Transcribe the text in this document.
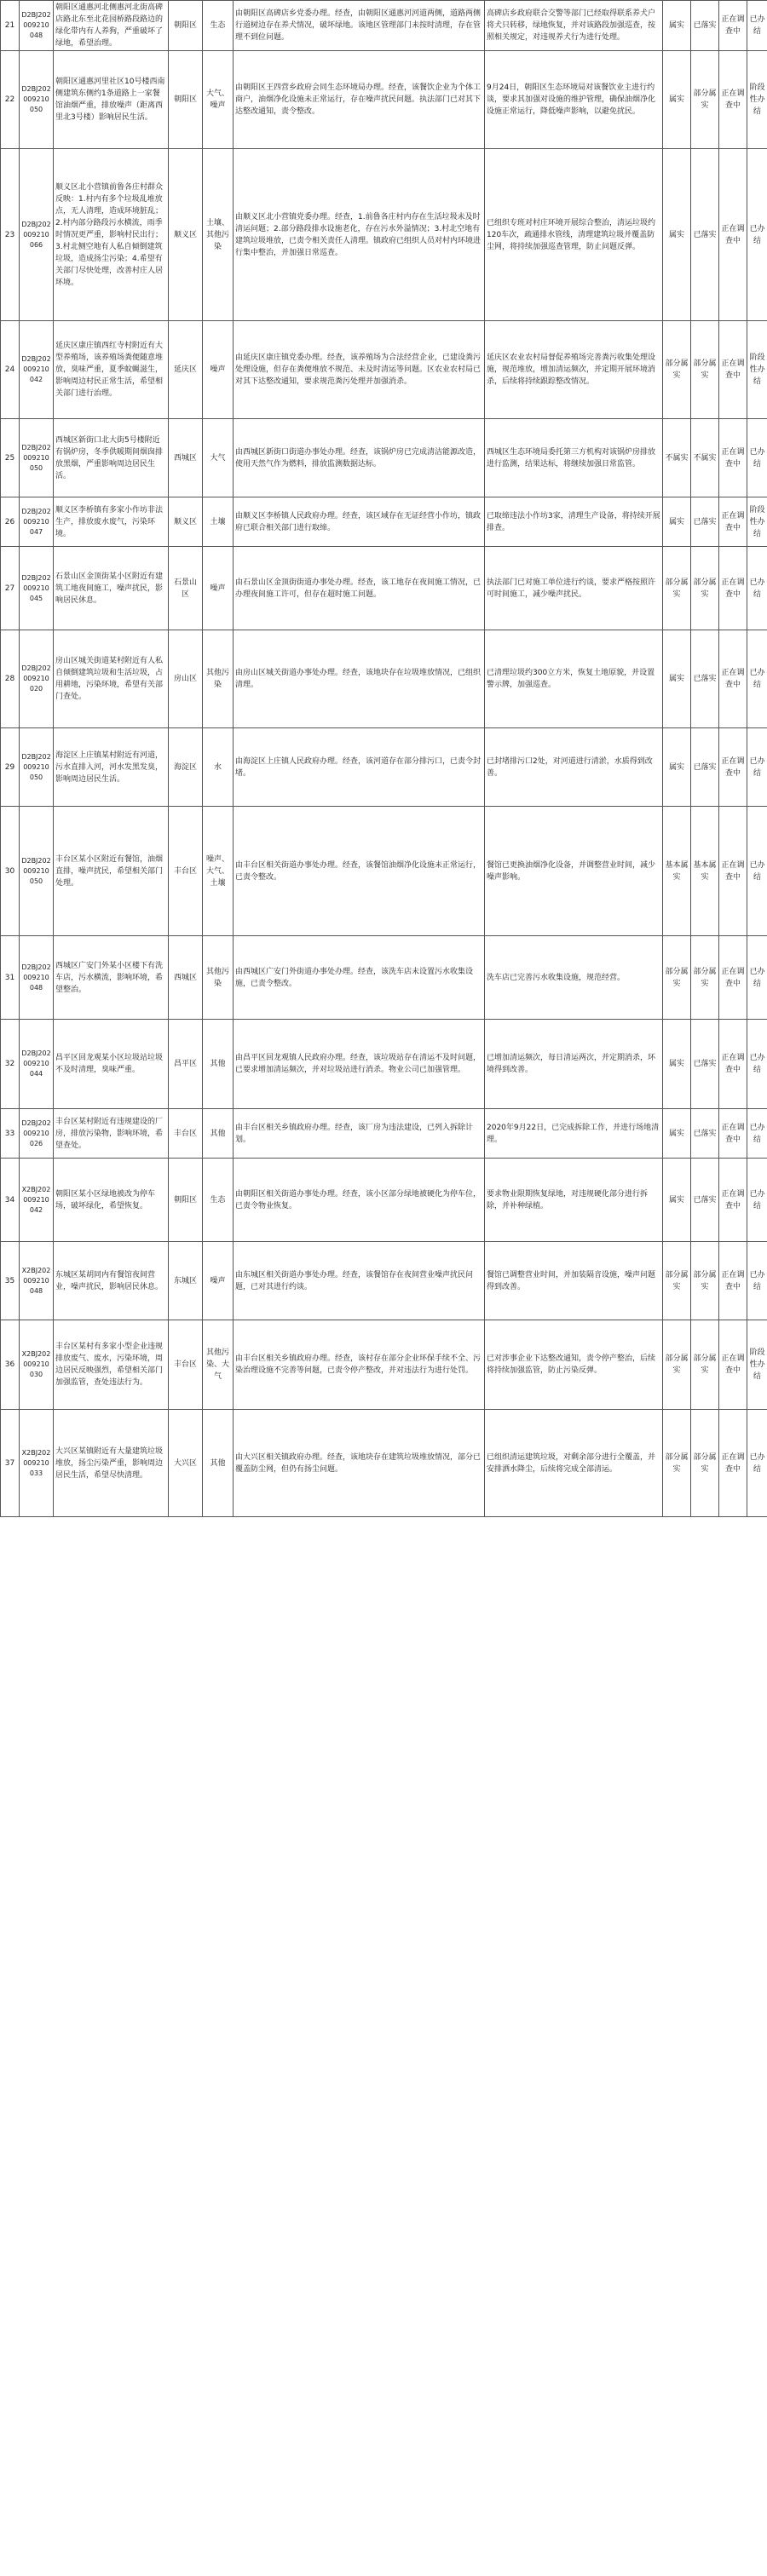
21	D2BJ202009210048	朝阳区通惠河北侧惠河北街高碑店路北东至北花园桥路段路边的绿化带内有人养狗，严重破坏了绿地，希望治理。	朝阳区	生态	由朝阳区高碑店乡党委办理。经查，由朝阳区通惠河河道两侧，道路两侧行道树边存在养犬情况，破坏绿地。该地区管理部门未按时清理，存在管理不到位问题。	高碑店乡政府联合交警等部门已经取得联系养犬户将犬只转移，绿地恢复，并对该路段加强巡查，按照相关规定，对违规养犬行为进行处理。	属实	已落实	正在调查中	已办结
22	D2BJ202009210050	朝阳区通惠河里社区10号楼西南侧建筑东侧约1条道路上一家餐馆油烟严重，排放噪声（距离西里北3号楼）影响居民生活。	朝阳区	大气、噪声	由朝阳区王四营乡政府会同生态环境局办理。经查，该餐饮企业为个体工商户，油烟净化设施未正常运行，存在噪声扰民问题。执法部门已对其下达整改通知，责令整改。	9月24日，朝阳区生态环境局对该餐饮业主进行约谈，要求其加强对设施的维护管理，确保油烟净化设施正常运行，降低噪声影响，以避免扰民。	属实	部分属实	正在调查中	阶段性办结
23	D2BJ202009210066	顺义区北小营镇前鲁各庄村群众反映：1.村内有多个垃圾乱堆放点，无人清理，造成环境脏乱；2.村内部分路段污水横流，雨季时情况更严重，影响村民出行；3.村北侧空地有人私自倾倒建筑垃圾，造成扬尘污染；4.希望有关部门尽快处理，改善村庄人居环境。	顺义区	土壤、其他污染	由顺义区北小营镇党委办理。经查，1.前鲁各庄村内存在生活垃圾未及时清运问题；2.部分路段排水设施老化，存在污水外溢情况；3.村北空地有建筑垃圾堆放，已责令相关责任人清理。镇政府已组织人员对村内环境进行集中整治，并加强日常巡查。	已组织专班对村庄环境开展综合整治，清运垃圾约120车次，疏通排水管线，清理建筑垃圾并覆盖防尘网，将持续加强巡查管理，防止问题反弹。	属实	已落实	正在调查中	已办结
24	D2BJ202009210042	延庆区康庄镇西红寺村附近有大型养殖场，该养殖场粪便随意堆放，臭味严重，夏季蚊蝇滋生，影响周边村民正常生活，希望相关部门进行治理。	延庆区	噪声	由延庆区康庄镇党委办理。经查，该养殖场为合法经营企业，已建设粪污处理设施，但存在粪便堆放不规范、未及时清运等问题。区农业农村局已对其下达整改通知，要求规范粪污处理并加强消杀。	延庆区农业农村局督促养殖场完善粪污收集处理设施，规范堆放，增加清运频次，并定期开展环境消杀，后续将持续跟踪整改情况。	部分属实	部分属实	正在调查中	阶段性办结
25	D2BJ202009210050	西城区新街口北大街5号楼附近有锅炉房，冬季供暖期间烟囱排放黑烟，严重影响周边居民生活。	西城区	大气	由西城区新街口街道办事处办理。经查，该锅炉房已完成清洁能源改造，使用天然气作为燃料，排放监测数据达标。	西城区生态环境局委托第三方机构对该锅炉房排放进行监测，结果达标，将继续加强日常监管。	不属实	不属实	正在调查中	已办结
26	D2BJ202009210047	顺义区李桥镇有多家小作坊非法生产，排放废水废气，污染环境。	顺义区	土壤	由顺义区李桥镇人民政府办理。经查，该区域存在无证经营小作坊，镇政府已联合相关部门进行取缔。	已取缔违法小作坊3家，清理生产设备，将持续开展排查。	属实	已落实	正在调查中	阶段性办结
27	D2BJ202009210045	石景山区金顶街某小区附近有建筑工地夜间施工，噪声扰民，影响居民休息。	石景山区	噪声	由石景山区金顶街街道办事处办理。经查，该工地存在夜间施工情况，已办理夜间施工许可，但存在超时施工问题。	执法部门已对施工单位进行约谈，要求严格按照许可时间施工，减少噪声扰民。	部分属实	部分属实	正在调查中	已办结
28	D2BJ202009210020	房山区城关街道某村附近有人私自倾倒建筑垃圾和生活垃圾，占用耕地，污染环境，希望有关部门查处。	房山区	其他污染	由房山区城关街道办事处办理。经查，该地块存在垃圾堆放情况，已组织清理。	已清理垃圾约300立方米，恢复土地原貌，并设置警示牌，加强巡查。	属实	已落实	正在调查中	已办结
29	D2BJ202009210050	海淀区上庄镇某村附近有河道，污水直排入河，河水发黑发臭，影响周边居民生活。	海淀区	水	由海淀区上庄镇人民政府办理。经查，该河道存在部分排污口，已责令封堵。	已封堵排污口2处，对河道进行清淤，水质得到改善。	属实	已落实	正在调查中	已办结
30	D2BJ202009210050	丰台区某小区附近有餐馆，油烟直排，噪声扰民，希望相关部门处理。	丰台区	噪声、大气、土壤	由丰台区相关街道办事处办理。经查，该餐馆油烟净化设施未正常运行，已责令整改。	餐馆已更换油烟净化设备，并调整营业时间，减少噪声影响。	基本属实	基本属实	正在调查中	已办结
31	D2BJ202009210048	西城区广安门外某小区楼下有洗车店，污水横流，影响环境，希望整治。	西城区	其他污染	由西城区广安门外街道办事处办理。经查，该洗车店未设置污水收集设施，已责令整改。	洗车店已完善污水收集设施，规范经营。	部分属实	部分属实	正在调查中	已办结
32	D2BJ202009210044	昌平区回龙观某小区垃圾站垃圾不及时清理，臭味严重。	昌平区	其他	由昌平区回龙观镇人民政府办理。经查，该垃圾站存在清运不及时问题，已要求增加清运频次，并对垃圾站进行消杀。物业公司已加强管理。	已增加清运频次，每日清运两次，并定期消杀，环境得到改善。	属实	已落实	正在调查中	已办结
33	D2BJ202009210026	丰台区某村附近有违规建设的厂房，排放污染物，影响环境，希望查处。	丰台区	其他	由丰台区相关乡镇政府办理。经查，该厂房为违法建设，已列入拆除计划。	2020年9月22日，已完成拆除工作，并进行场地清理。	属实	已落实	正在调查中	已办结
34	X2BJ202009210042	朝阳区某小区绿地被改为停车场，破坏绿化，希望恢复。	朝阳区	生态	由朝阳区相关街道办事处办理。经查，该小区部分绿地被硬化为停车位，已责令物业恢复。	要求物业限期恢复绿地，对违规硬化部分进行拆除，并补种绿植。	属实	已落实	正在调查中	已办结
35	X2BJ202009210048	东城区某胡同内有餐馆夜间营业，噪声扰民，影响居民休息。	东城区	噪声	由东城区相关街道办事处办理。经查，该餐馆存在夜间营业噪声扰民问题，已对其进行约谈。	餐馆已调整营业时间，并加装隔音设施，噪声问题得到改善。	部分属实	部分属实	正在调查中	已办结
36	X2BJ202009210030	丰台区某村有多家小型企业违规排放废气、废水，污染环境，周边居民反映强烈，希望相关部门加强监管，查处违法行为。	丰台区	其他污染、大气	由丰台区相关乡镇政府办理。经查，该村存在部分企业环保手续不全、污染治理设施不完善等问题，已责令停产整改，并对违法行为进行处罚。	已对涉事企业下达整改通知，责令停产整治，后续将持续加强监管，防止污染反弹。	部分属实	部分属实	正在调查中	阶段性办结
37	X2BJ202009210033	大兴区某镇附近有大量建筑垃圾堆放，扬尘污染严重，影响周边居民生活，希望尽快清理。	大兴区	其他	由大兴区相关镇政府办理。经查，该地块存在建筑垃圾堆放情况，部分已覆盖防尘网，但仍有扬尘问题。	已组织清运建筑垃圾，对剩余部分进行全覆盖，并安排洒水降尘，后续将完成全部清运。	部分属实	部分属实	正在调查中	已办结
